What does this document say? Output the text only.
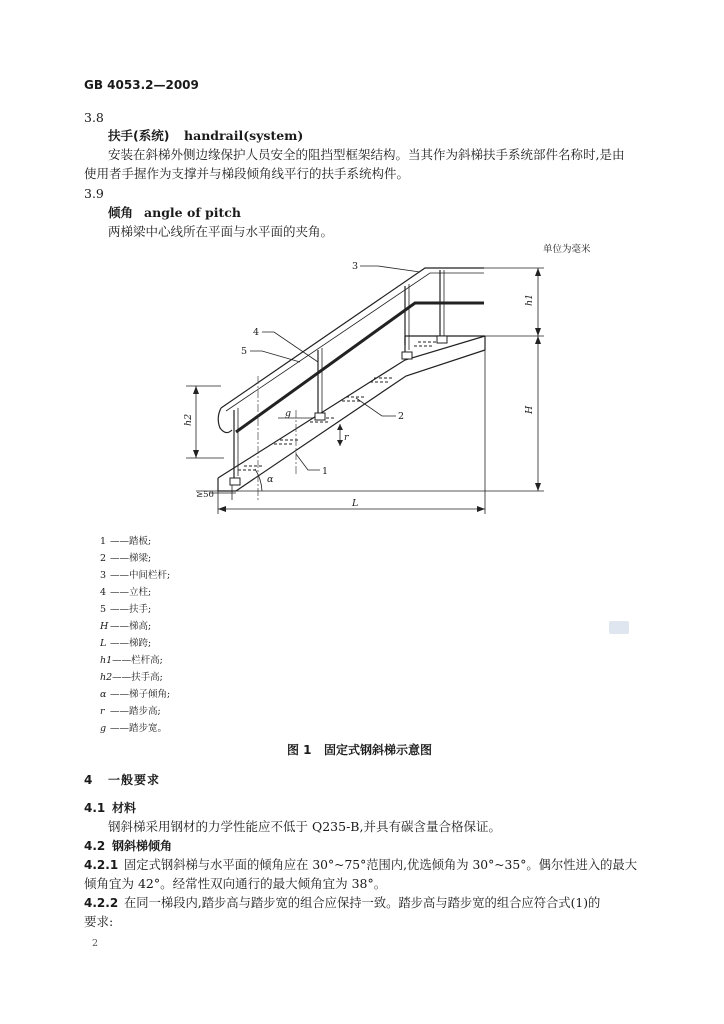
GB 4053.2—2009
3.8
扶手(系统) handrail(system)
安装在斜梯外侧边缘保护人员安全的阻挡型框架结构。当其作为斜梯扶手系统部件名称时,是由
使用者手握作为支撑并与梯段倾角线平行的扶手系统构件。
3.9
倾角 angle of pitch
两梯梁中心线所在平面与水平面的夹角。
单位为毫米
3
4
5
2
1
g
r
α
L
≥50
H
h1
h2
1 ——踏板;
2 ——梯梁;
3 ——中间栏杆;
4 ——立柱;
5 ——扶手;
H ——梯高;
L ——梯跨;
h1——栏杆高;
h2——扶手高;
α ——梯子倾角;
r ——踏步高;
g ——踏步宽。
图 1   固定式钢斜梯示意图
4 一般要求
4.1 材料
钢斜梯采用钢材的力学性能应不低于 Q235-B,并具有碳含量合格保证。
4.2 钢斜梯倾角
4.2.1 固定式钢斜梯与水平面的倾角应在 30°~75°范围内,优选倾角为 30°~35°。偶尔性进入的最大
倾角宜为 42°。经常性双向通行的最大倾角宜为 38°。
4.2.2 在同一梯段内,踏步高与踏步宽的组合应保持一致。踏步高与踏步宽的组合应符合式(1)的
要求:
2
